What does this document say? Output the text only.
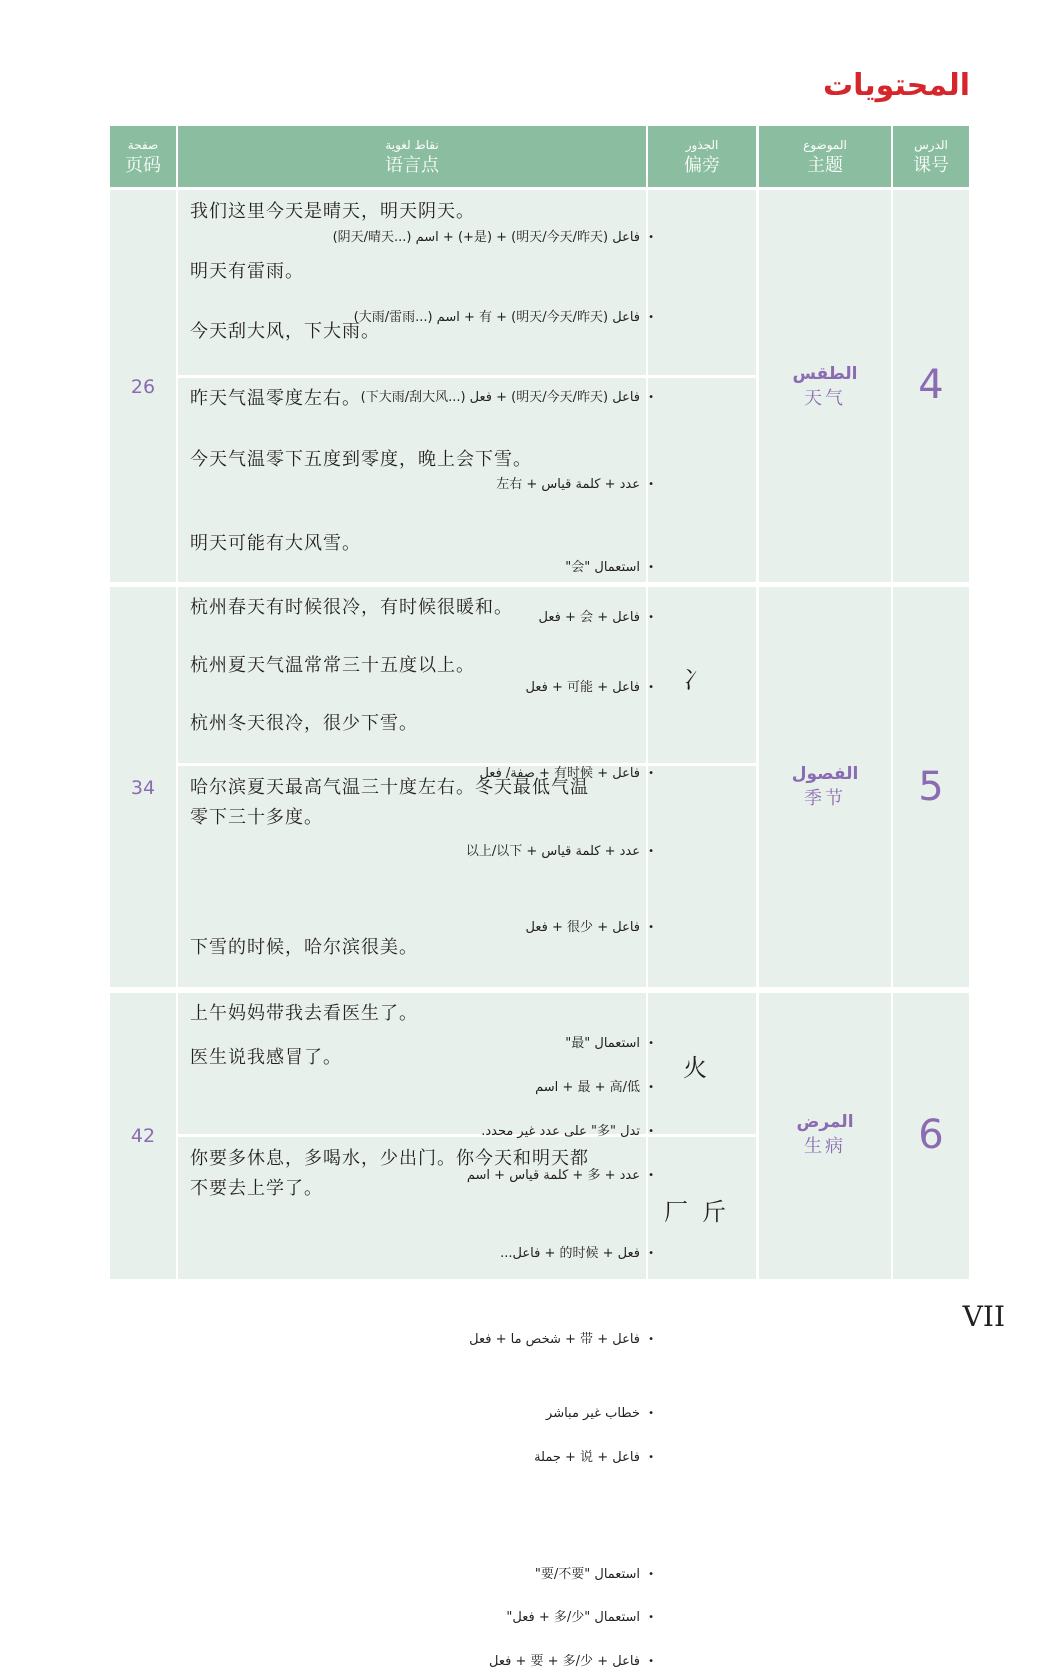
المحتويات
صفحة
页码
نقاط لغوية
语言点
الجذور
偏旁
الموضوع
主题
الدرس
课号
26
34
42
4
5
6
الطقس
天气
الفصول
季节
المرض
生病
冫
火
厂斤
我们这里今天是晴天，明天阴天。
فاعل (明天/今天/昨天) + (是+) + اسم (...阴天/晴天) •
明天有雷雨。
فاعل (明天/今天/昨天) + 有 + اسم (...大雨/雷雨) •
今天刮大风，下大雨。
فاعل (明天/今天/昨天) + فعل (...下大雨/刮大风) •
昨天气温零度左右。
عدد + كلمة قياس + 左右 •
今天气温零下五度到零度，晚上会下雪。
استعمال "会" •
فاعل + 会 + فعل •
明天可能有大风雪。
فاعل + 可能 + فعل •
杭州春天有时候很冷，有时候很暖和。
فاعل + 有时候 + صفة/ فعل •
杭州夏天气温常常三十五度以上。
عدد + كلمة قياس + 以上/以下 •
杭州冬天很冷，很少下雪。
فاعل + 很少 + فعل •
哈尔滨夏天最高气温三十度左右。冬天最低气温
零下三十多度。
استعمال "最" •
最 + 高/低 + اسم •
تدل "多" على عدد غير محدد. •
عدد + 多 + كلمة قياس + اسم •
下雪的时候，哈尔滨很美。
فعل + 的时候 + فاعل... •
上午妈妈带我去看医生了。
فاعل + 带 + شخص ما + فعل •
医生说我感冒了。
خطاب غير مباشر •
فاعل + 说 + جملة •
你要多休息，多喝水，少出门。你今天和明天都
不要去上学了。
استعمال "要/不要" •
استعمال "多/少 + فعل" •
فاعل + 要 + 多/少 + فعل •
VII
